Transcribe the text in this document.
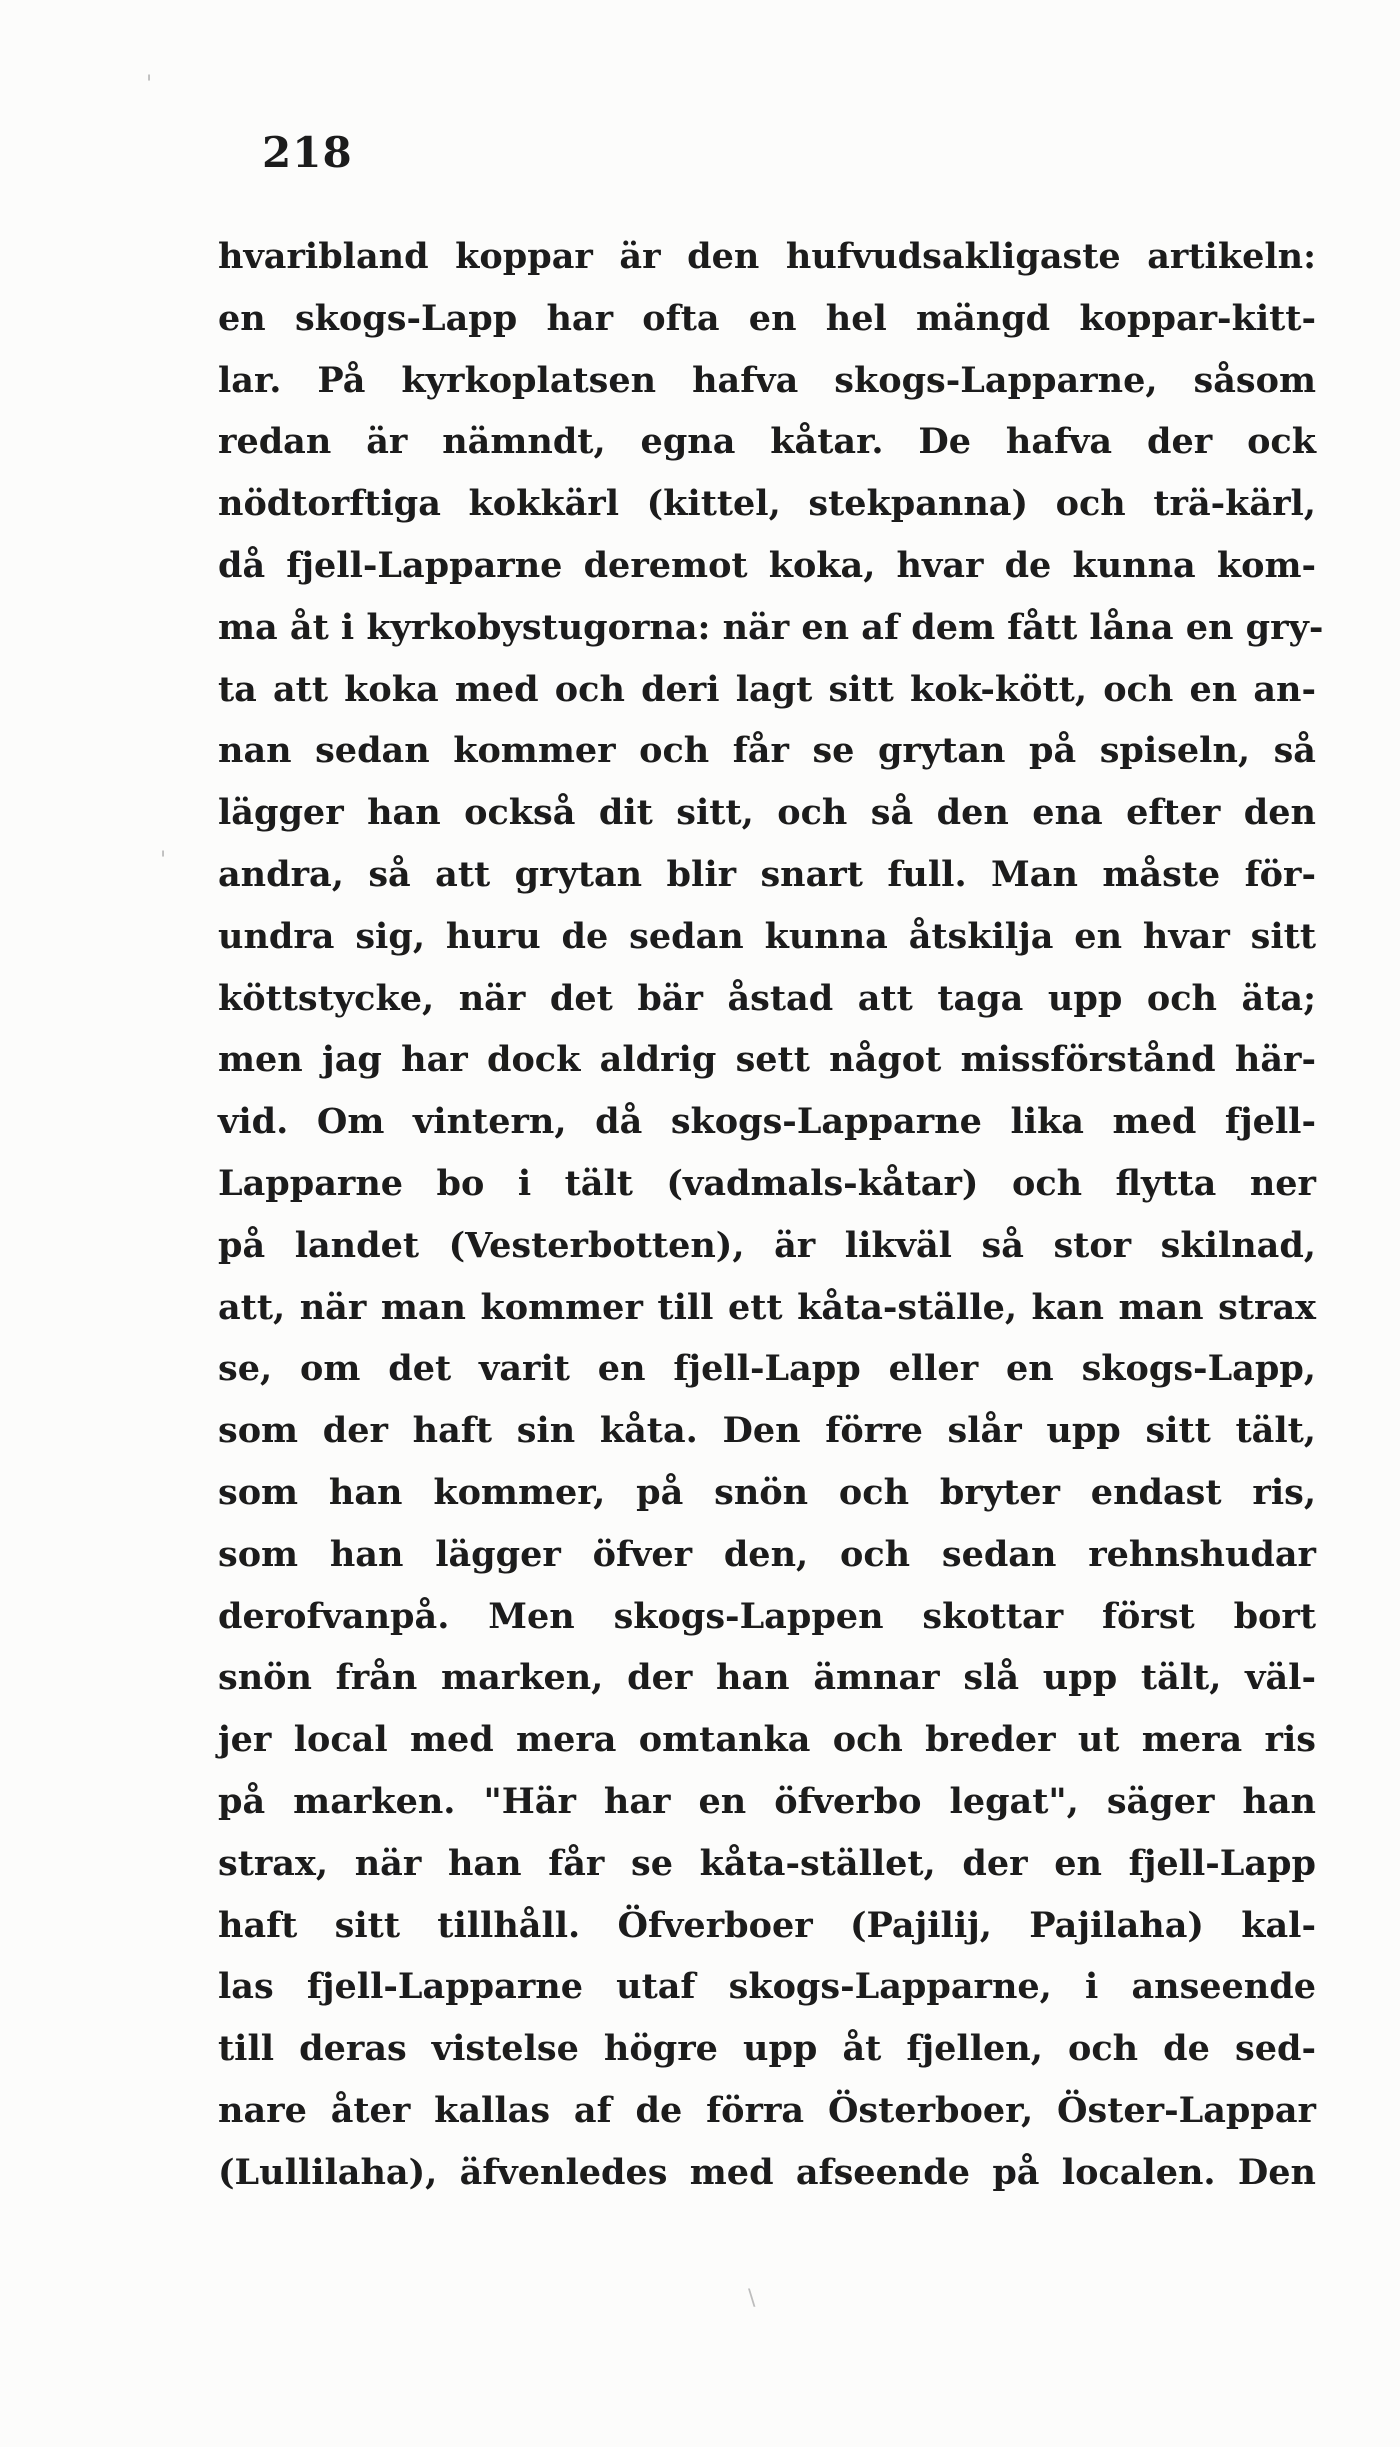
218
hvaribland koppar är den hufvudsakligaste artikeln:
en skogs-Lapp har ofta en hel mängd koppar-kitt-
lar. På kyrkoplatsen hafva skogs-Lapparne, såsom
redan är nämndt, egna kåtar. De hafva der ock
nödtorftiga kokkärl (kittel, stekpanna) och trä-kärl,
då fjell-Lapparne deremot koka, hvar de kunna kom-
ma åt i kyrkobystugorna: när en af dem fått låna en gry-
ta att koka med och deri lagt sitt kok-kött, och en an-
nan sedan kommer och får se grytan på spiseln, så
lägger han också dit sitt, och så den ena efter den
andra, så att grytan blir snart full. Man måste för-
undra sig, huru de sedan kunna åtskilja en hvar sitt
köttstycke, när det bär åstad att taga upp och äta;
men jag har dock aldrig sett något missförstånd här-
vid. Om vintern, då skogs-Lapparne lika med fjell-
Lapparne bo i tält (vadmals-kåtar) och flytta ner
på landet (Vesterbotten), är likväl så stor skilnad,
att, när man kommer till ett kåta-ställe, kan man strax
se, om det varit en fjell-Lapp eller en skogs-Lapp,
som der haft sin kåta. Den förre slår upp sitt tält,
som han kommer, på snön och bryter endast ris,
som han lägger öfver den, och sedan rehnshudar
derofvanpå. Men skogs-Lappen skottar först bort
snön från marken, der han ämnar slå upp tält, väl-
jer local med mera omtanka och breder ut mera ris
på marken. "Här har en öfverbo legat", säger han
strax, när han får se kåta-stället, der en fjell-Lapp
haft sitt tillhåll. Öfverboer (Pajilij, Pajilaha) kal-
las fjell-Lapparne utaf skogs-Lapparne, i anseende
till deras vistelse högre upp åt fjellen, och de sed-
nare åter kallas af de förra Österboer, Öster-Lappar
(Lullilaha), äfvenledes med afseende på localen. Den
'
'
\
